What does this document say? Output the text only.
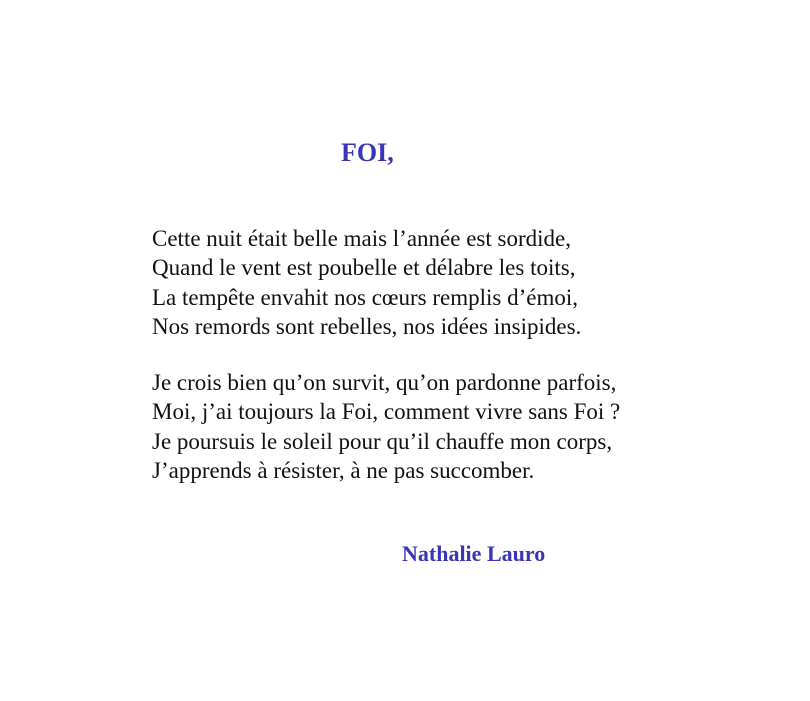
FOI,

Cette nuit était belle mais l’année est sordide,
Quand le vent est poubelle et délabre les toits,
La tempête envahit nos cœurs remplis d’émoi,
Nos remords sont rebelles, nos idées insipides.

Je crois bien qu’on survit, qu’on pardonne parfois,
Moi, j’ai toujours la Foi, comment vivre sans Foi ?
Je poursuis le soleil pour qu’il chauffe mon corps,
J’apprends à résister, à ne pas succomber.

Nathalie Lauro
